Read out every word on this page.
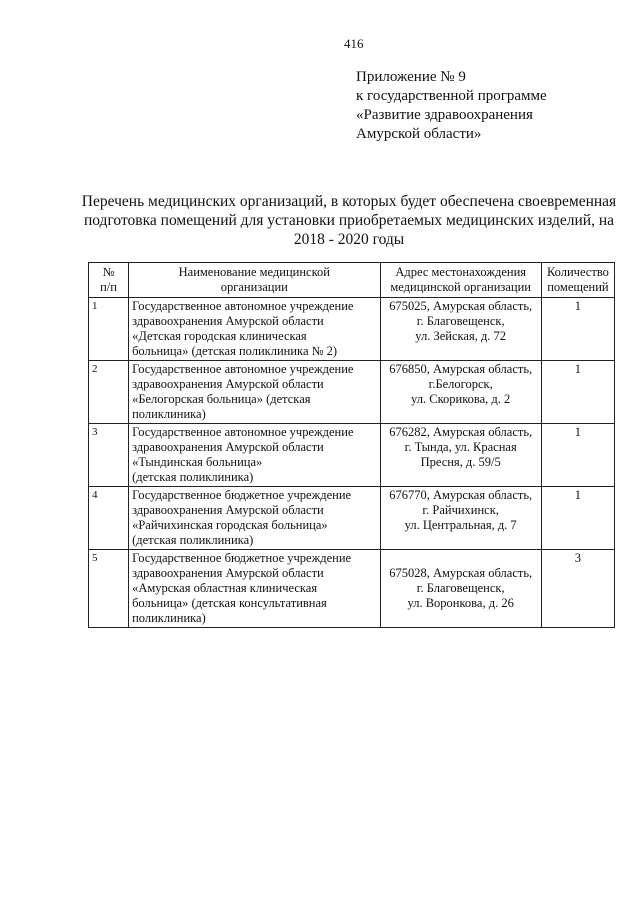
416
Приложение № 9
к государственной программе
«Развитие здравоохранения
Амурской области»
Перечень медицинских организаций, в которых будет обеспечена своевременная
подготовка помещений для установки приобретаемых медицинских изделий, на
2018 - 2020 годы
№
п/п	Наименование медицинской
организации	Адрес местонахождения
медицинской организации	Количество
помещений

1	Государственное автономное учреждение
здравоохранения Амурской области
«Детская городская клиническая
больница» (детская поликлиника № 2)	675025, Амурская область,
г. Благовещенск,
ул. Зейская, д. 72	1
2	Государственное автономное учреждение
здравоохранения Амурской области
«Белогорская больница» (детская
поликлиника)	676850, Амурская область,
г.Белогорск,
ул. Скорикова, д. 2	1
3	Государственное автономное учреждение
здравоохранения Амурской области
«Тындинская больница»
(детская поликлиника)	676282, Амурская область,
г. Тында, ул. Красная
Пресня, д. 59/5	1
4	Государственное бюджетное учреждение
здравоохранения Амурской области
«Райчихинская городская больница»
(детская поликлиника)	676770, Амурская область,
г. Райчихинск,
ул. Центральная, д. 7	1
5	Государственное бюджетное учреждение
здравоохранения Амурской области
«Амурская областная клиническая
больница» (детская консультативная
поликлиника)	675028, Амурская область,
г. Благовещенск,
ул. Воронкова, д. 26	3
